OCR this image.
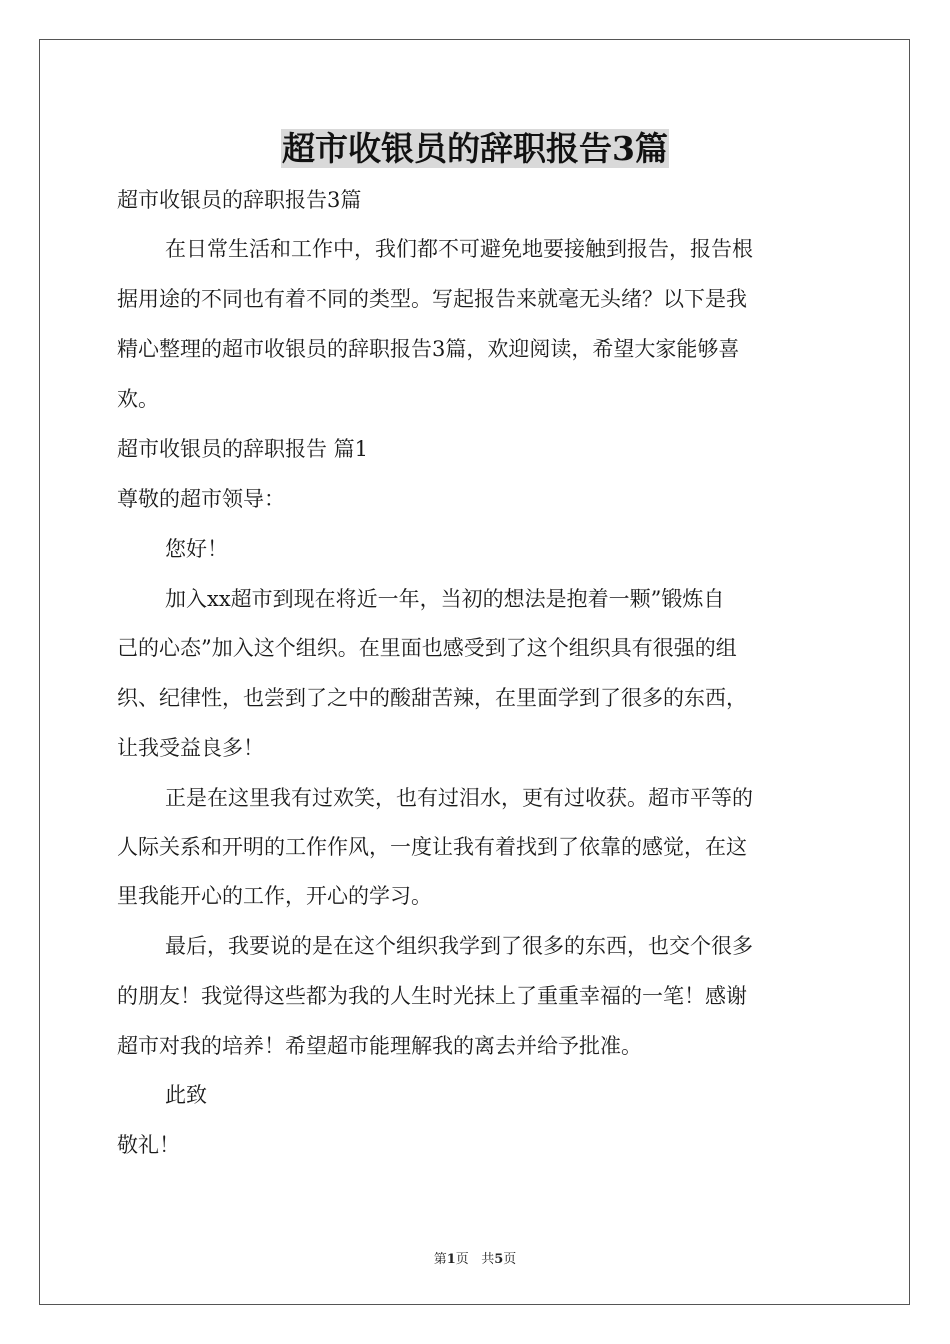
超市收银员的辞职报告3篇
超市收银员的辞职报告3篇
在日常生活和工作中，我们都不可避免地要接触到报告，报告根
据用途的不同也有着不同的类型。写起报告来就毫无头绪？以下是我
精心整理的超市收银员的辞职报告3篇，欢迎阅读，希望大家能够喜
欢。
超市收银员的辞职报告 篇1
尊敬的超市领导：
您好！
加入xx超市到现在将近一年，当初的想法是抱着一颗”锻炼自
己的心态”加入这个组织。在里面也感受到了这个组织具有很强的组
织、纪律性，也尝到了之中的酸甜苦辣，在里面学到了很多的东西，
让我受益良多！
正是在这里我有过欢笑，也有过泪水，更有过收获。超市平等的
人际关系和开明的工作作风，一度让我有着找到了依靠的感觉，在这
里我能开心的工作，开心的学习。
最后，我要说的是在这个组织我学到了很多的东西，也交个很多
的朋友！我觉得这些都为我的人生时光抹上了重重幸福的一笔！感谢
超市对我的培养！希望超市能理解我的离去并给予批准。
此致
敬礼！
第1页 共5页
